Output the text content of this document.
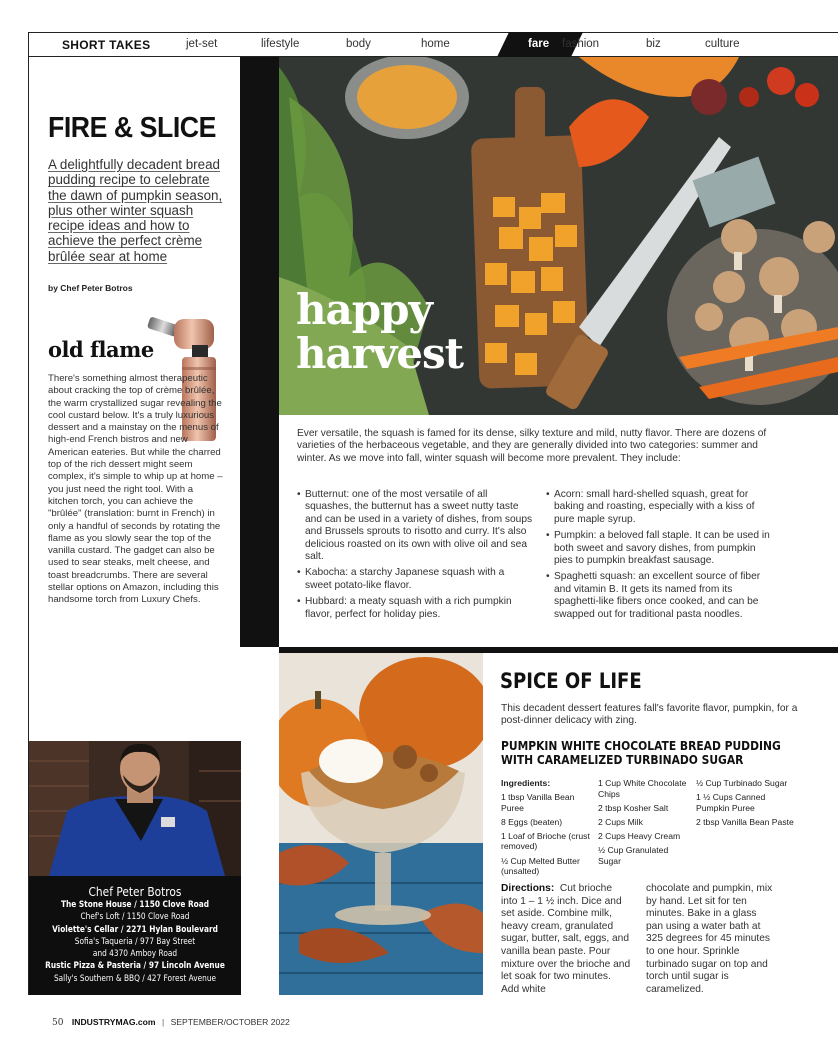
SHORT TAKES	jet-set	lifestyle	body	home	fare fashion	biz	culture
FIRE & SLICE

A delightfully decadent bread pudding recipe to celebrate the dawn of pumpkin season, plus other winter squash recipe ideas and how to achieve the perfect crème brûlée sear at home

by Chef Peter Botros

old flame

There's something almost therapeutic about cracking the top of crème brûlée, the warm crystallized sugar revealing the cool custard below. It's a truly luxurious dessert and a mainstay on the menus of high-end French bistros and new American eateries. But while the charred top of the rich dessert might seem complex, it's simple to whip up at home – you just need the right tool. With a kitchen torch, you can achieve the "brûlée" (translation: burnt in French) in only a handful of seconds by rotating the flame as you slowly sear the top of the vanilla custard. The gadget can also be used to sear steaks, melt cheese, and toast breadcrumbs. There are several stellar options on Amazon, including this handsome torch from Luxury Chefs.

Chef Peter Botros
The Stone House / 1150 Clove Road
Chef's Loft / 1150 Clove Road
Violette's Cellar / 2271 Hylan Boulevard
Sofia's Taqueria / 977 Bay Street
and 4370 Amboy Road
Rustic Pizza & Pasteria / 97 Lincoln Avenue
Sally's Southern & BBQ / 427 Forest Avenue
happy
harvest

Ever versatile, the squash is famed for its dense, silky texture and mild, nutty flavor. There are dozens of varieties of the herbaceous vegetable, and they are generally divided into two categories: summer and winter. As we move into fall, winter squash will become more prevalent. They include:

• Butternut: one of the most versatile of all squashes, the butternut has a sweet nutty taste and can be used in a variety of dishes, from soups and Brussels sprouts to risotto and curry. It's also delicious roasted on its own with olive oil and sea salt.
• Kabocha: a starchy Japanese squash with a sweet potato-like flavor.
• Hubbard: a meaty squash with a rich pumpkin flavor, perfect for holiday pies.
• Acorn: small hard-shelled squash, great for baking and roasting, especially with a kiss of pure maple syrup.
• Pumpkin: a beloved fall staple. It can be used in both sweet and savory dishes, from pumpkin pies to pumpkin breakfast sausage.
• Spaghetti squash: an excellent source of fiber and vitamin B. It gets its named from its spaghetti-like fibers once cooked, and can be swapped out for traditional pasta noodles.
SPICE OF LIFE

This decadent dessert features fall's favorite flavor, pumpkin, for a post-dinner delicacy with zing.

PUMPKIN WHITE CHOCOLATE BREAD PUDDING WITH CARAMELIZED TURBINADO SUGAR

Ingredients:

1 tbsp Vanilla Bean Puree

8 Eggs (beaten)

1 Loaf of Brioche (crust removed)

½ Cup Melted Butter (unsalted)

1 Cup White Chocolate Chips

2 tbsp Kosher Salt

2 Cups Milk

2 Cups Heavy Cream

½ Cup Granulated Sugar

½ Cup Turbinado Sugar

1 ½ Cups Canned Pumpkin Puree

2 tbsp Vanilla Bean Paste

Directions: Cut brioche into 1 – 1 ½ inch. Dice and set aside. Combine milk, heavy cream, granulated sugar, butter, salt, eggs, and vanilla bean paste. Pour mixture over the brioche and let soak for two minutes. Add white

chocolate and pumpkin, mix by hand. Let sit for ten minutes. Bake in a glass pan using a water bath at 325 degrees for 45 minutes to one hour. Sprinkle turbinado sugar on top and torch until sugar is caramelized.

50 INDUSTRYMAG.com | SEPTEMBER/OCTOBER 2022
